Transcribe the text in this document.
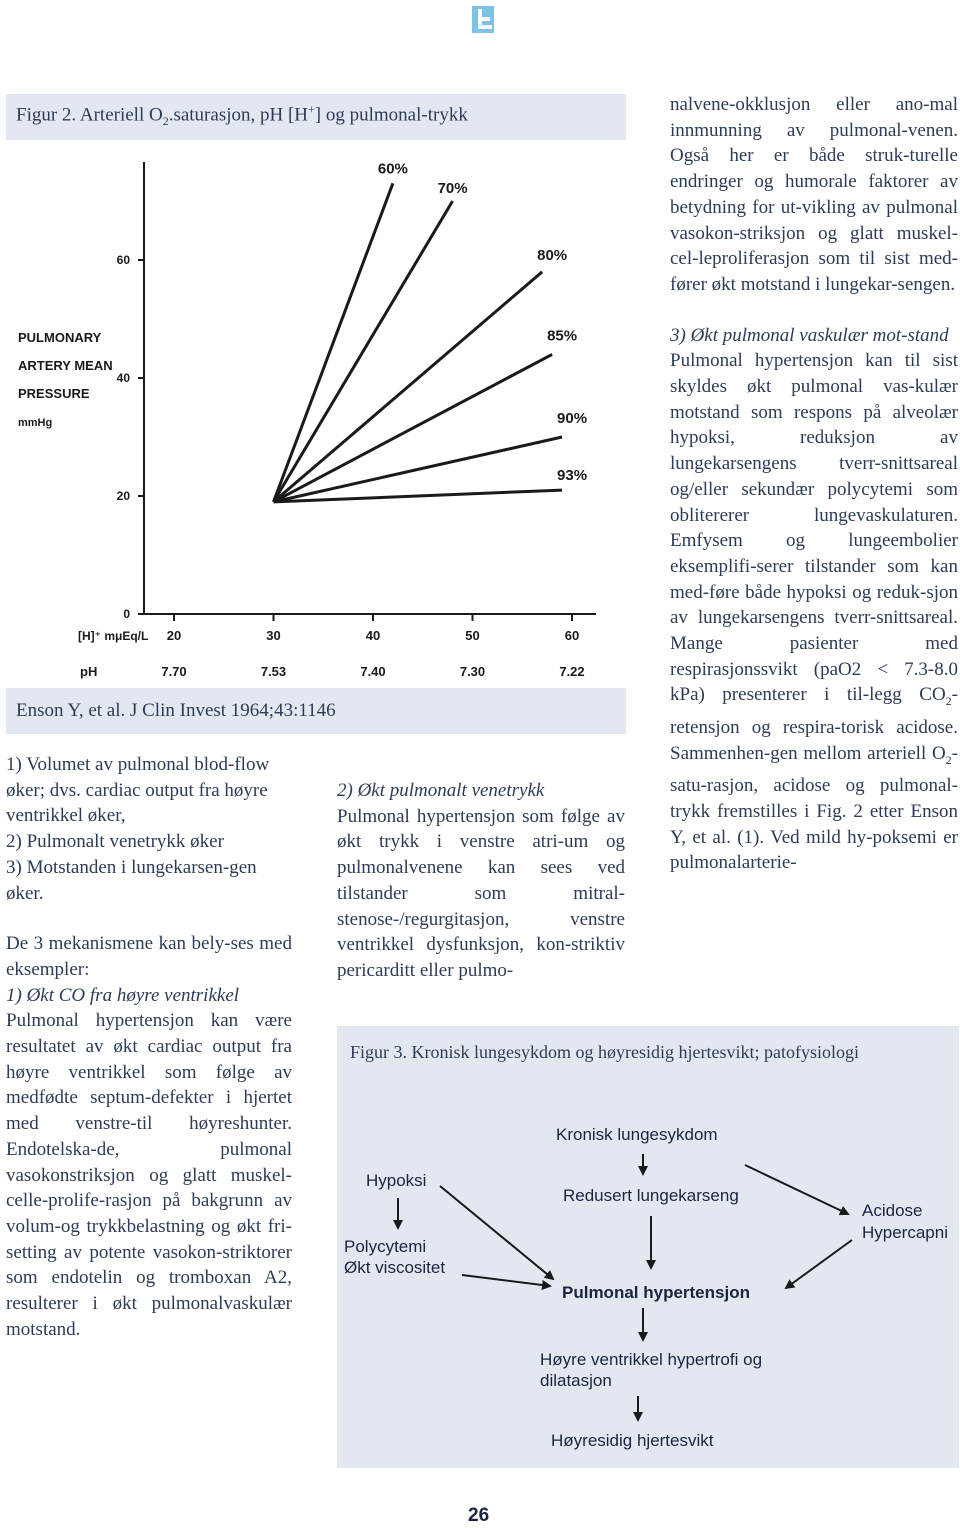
Figur 2. Arteriell $O_2.saturasjon$, pH [H+] og pulmonal-trykk
0
20
40
60
20	30	40	50	60
7.70	7.53	7.40	7.30	7.22
PULMONARY
ARTERY MEAN
PRESSURE
mmHg
[H]⁺ mμEq/L
pH
60%
70%
80%
85%
90%
93%
Enson Y, et al. J Clin Invest 1964;43:1146

1) Volumet av pulmonal blod-flow øker; dvs. cardiac output fra høyre ventrikkel øker,

2) Pulmonalt venetrykk øker

3) Motstanden i lungekarsen-gen øker.

De 3 mekanismene kan bely-ses med eksempler:

1) Økt CO fra høyre ventrikkel

Pulmonal hypertensjon kan være resultatet av økt cardiac output fra høyre ventrikkel som følge av medfødte septum-defekter i hjertet med venstre-til høyreshunter. Endotelska-de, pulmonal vasokonstriksjon og glatt muskel- celle-prolife-rasjon på bakgrunn av volum-og trykkbelastning og økt fri-setting av potente vasokon-striktorer som endotelin og tromboxan A2, resulterer i økt pulmonalvaskulær motstand.

2) Økt pulmonalt venetrykk

Pulmonal hypertensjon som følge av økt trykk i venstre atri-um og pulmonalvenene kan sees ved tilstander som mitral-stenose-/regurgitasjon, venstre ventrikkel dysfunksjon, kon-striktiv pericarditt eller pulmo-

nalvene-okklusjon eller ano-mal innmunning av pulmonal-venen. Også her er både struk-turelle endringer og humorale faktorer av betydning for ut-vikling av pulmonal vasokon-striksjon og glatt muskel-cel-leproliferasjon som til sist med-fører økt motstand i lungekar-sengen.

3) Økt pulmonal vaskulær mot-stand

Pulmonal hypertensjon kan til sist skyldes økt pulmonal vas-kulær motstand som respons på alveolær hypoksi, reduksjon av lungekarsengens tverr-snittsareal og/eller sekundær polycytemi som oblitererer lungevaskulaturen. Emfysem og lungeembolier eksemplifi-serer tilstander som kan med-føre både hypoksi og reduk-sjon av lungekarsengens tverr-snittsareal. Mange pasienter med respirasjonssvikt (paO2 < 7.3-8.0 kPa) presenterer i til-legg $CO_2$-retensjon og respira-torisk acidose. Sammenhen-gen mellom arteriell $O_2-satu$-rasjon, acidose og pulmonal-trykk fremstilles i Fig. 2 etter Enson Y, et al. (1). Ved mild hy-poksemi er pulmonalarterie-

Figur 3. Kronisk lungesykdom og høyresidig hjertesvikt; patofysiologi
Kronisk lungesykdom
Hypoksi
Redusert lungekarseng
Acidose
Hypercapni
Polycytemi
Økt viscositet
Pulmonal hypertensjon
Høyre ventrikkel hypertrofi og
dilatasjon
Høyresidig hjertesvikt
26
